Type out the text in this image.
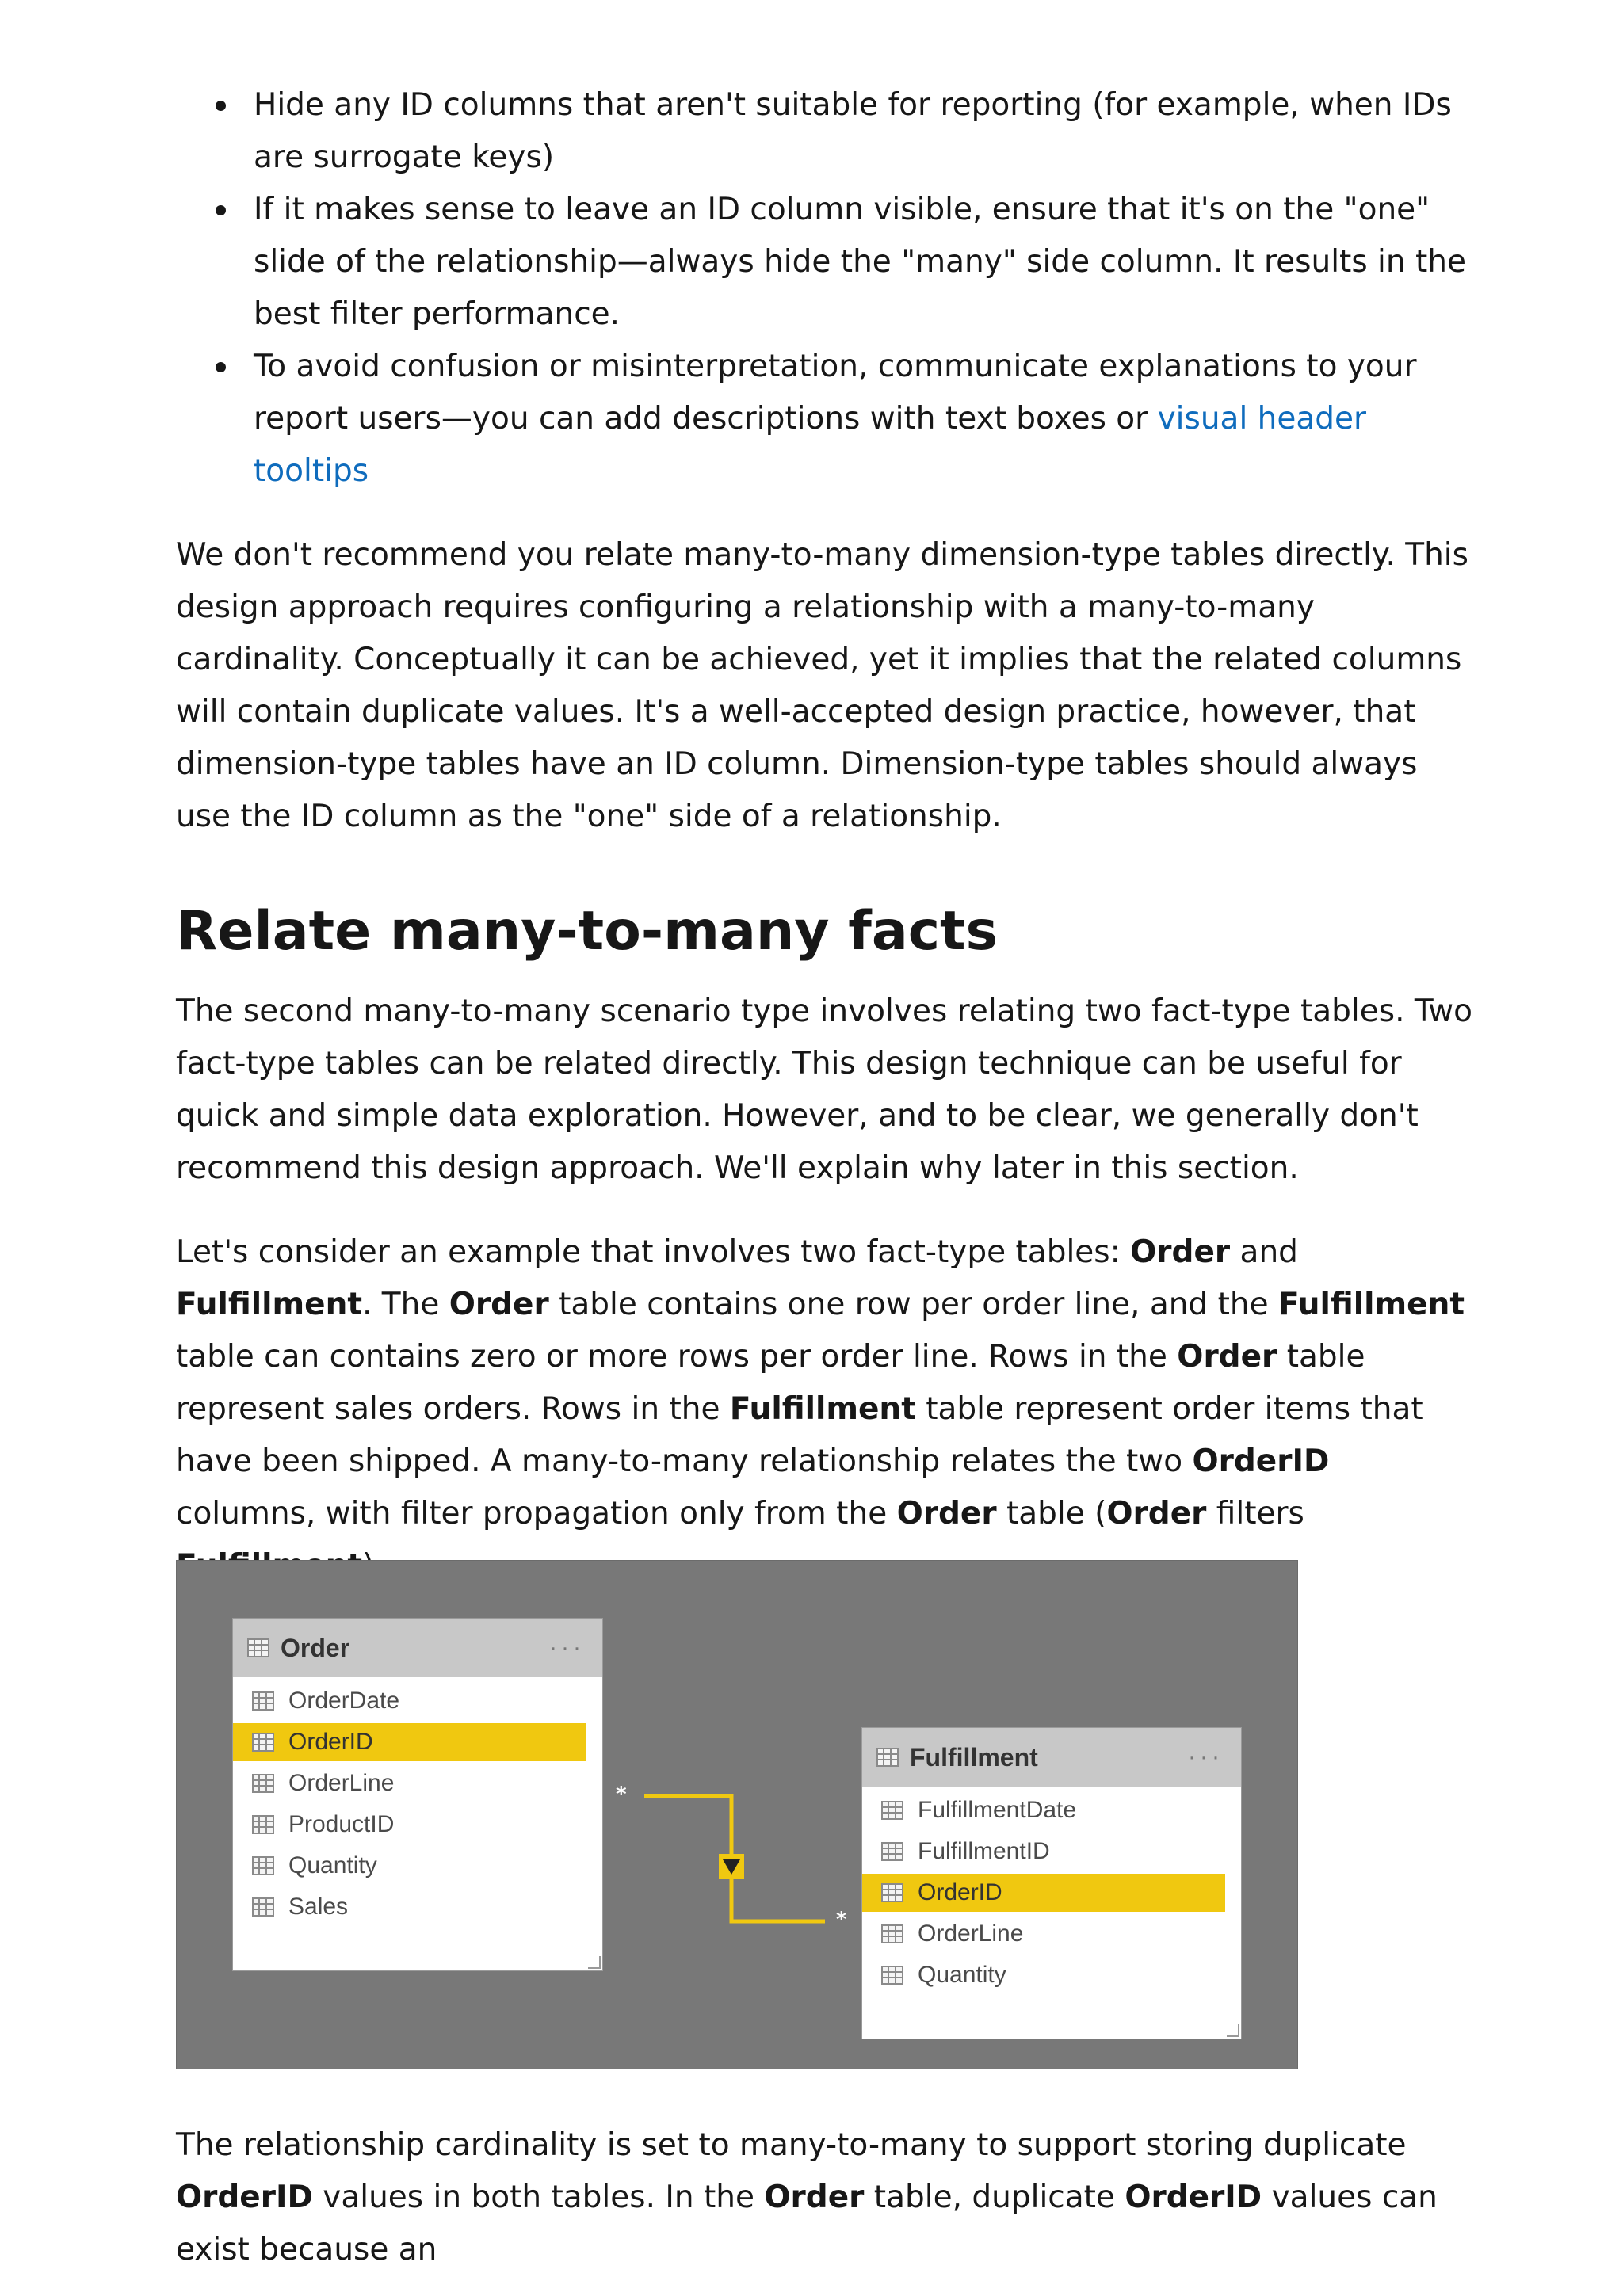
Hide any ID columns that aren't suitable for reporting (for example, when IDs are surrogate keys)
If it makes sense to leave an ID column visible, ensure that it's on the "one" slide of the relationship—always hide the "many" side column. It results in the best filter performance.
To avoid confusion or misinterpretation, communicate explanations to your report users—you can add descriptions with text boxes or visual header tooltips

We don't recommend you relate many-to-many dimension-type tables directly. This design approach requires configuring a relationship with a many-to-many cardinality. Conceptually it can be achieved, yet it implies that the related columns will contain duplicate values. It's a well-accepted design practice, however, that dimension-type tables have an ID column. Dimension-type tables should always use the ID column as the "one" side of a relationship.

Relate many-to-many facts

The second many-to-many scenario type involves relating two fact-type tables. Two fact-type tables can be related directly. This design technique can be useful for quick and simple data exploration. However, and to be clear, we generally don't recommend this design approach. We'll explain why later in this section.

Let's consider an example that involves two fact-type tables: Order and Fulfillment. The Order table contains one row per order line, and the Fulfillment table can contains zero or more rows per order line. Rows in the Order table represent sales orders. Rows in the Fulfillment table represent order items that have been shipped. A many-to-many relationship relates the two OrderID columns, with filter propagation only from the Order table (Order filters

Order	···
OrderDate
OrderID
OrderLine
ProductID
Quantity
Sales
Fulfillment	···
FulfillmentDate
FulfillmentID
OrderID
OrderLine
Quantity
*
*

The relationship cardinality is set to many-to-many to support storing duplicate OrderID values in both tables. In the Order table, duplicate OrderID values can exist because an
